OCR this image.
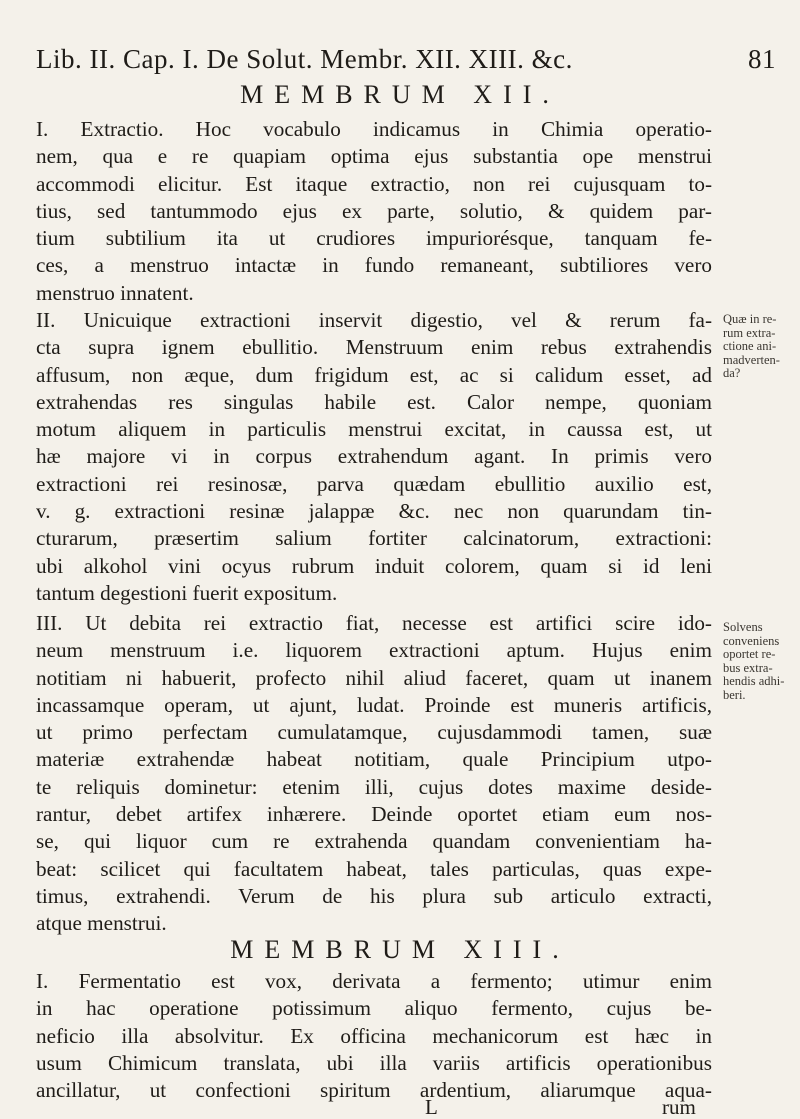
Lib. II. Cap. I. De Solut. Membr. XII. XIII. &c.	81
MEMBRUM XII.
I. Extractio. Hoc vocabulo indicamus in Chimia operatio-
nem, qua e re quapiam optima ejus substantia ope menstrui
accommodi elicitur. Est itaque extractio, non rei cujusquam to-
tius, sed tantummodo ejus ex parte, solutio, & quidem par-
tium subtilium ita ut crudiores impuriorésque, tanquam fe-
ces, a menstruo intactæ in fundo remaneant, subtiliores vero
menstruo innatent.
II. Unicuique extractioni inservit digestio, vel & rerum fa-
cta supra ignem ebullitio. Menstruum enim rebus extrahendis
affusum, non æque, dum frigidum est, ac si calidum esset, ad
extrahendas res singulas habile est. Calor nempe, quoniam
motum aliquem in particulis menstrui excitat, in caussa est, ut
hæ majore vi in corpus extrahendum agant. In primis vero
extractioni rei resinosæ, parva quædam ebullitio auxilio est,
v. g. extractioni resinæ jalappæ &c. nec non quarundam tin-
cturarum, præsertim salium fortiter calcinatorum, extractioni:
ubi alkohol vini ocyus rubrum induit colorem, quam si id leni
tantum degestioni fuerit expositum.
Quæ in re-
rum extra-
ctione ani-
madverten-
da?
III. Ut debita rei extractio fiat, necesse est artifici scire ido-
neum menstruum i.e. liquorem extractioni aptum. Hujus enim
notitiam ni habuerit, profecto nihil aliud faceret, quam ut inanem
incassamque operam, ut ajunt, ludat. Proinde est muneris artificis,
ut primo perfectam cumulatamque, cujusdammodi tamen, suæ
materiæ extrahendæ habeat notitiam, quale Principium utpo-
te reliquis dominetur: etenim illi, cujus dotes maxime deside-
rantur, debet artifex inhærere. Deinde oportet etiam eum nos-
se, qui liquor cum re extrahenda quandam convenientiam ha-
beat: scilicet qui facultatem habeat, tales particulas, quas expe-
timus, extrahendi. Verum de his plura sub articulo extracti,
atque menstrui.
Solvens
conveniens
oportet re-
bus extra-
hendis adhi-
beri.
MEMBRUM XIII.
I. Fermentatio est vox, derivata a fermento; utimur enim
in hac operatione potissimum aliquo fermento, cujus be-
neficio illa absolvitur. Ex officina mechanicorum est hæc in
usum Chimicum translata, ubi illa variis artificis operationibus
ancillatur, ut confectioni spiritum ardentium, aliarumque aqua-
L	rum
